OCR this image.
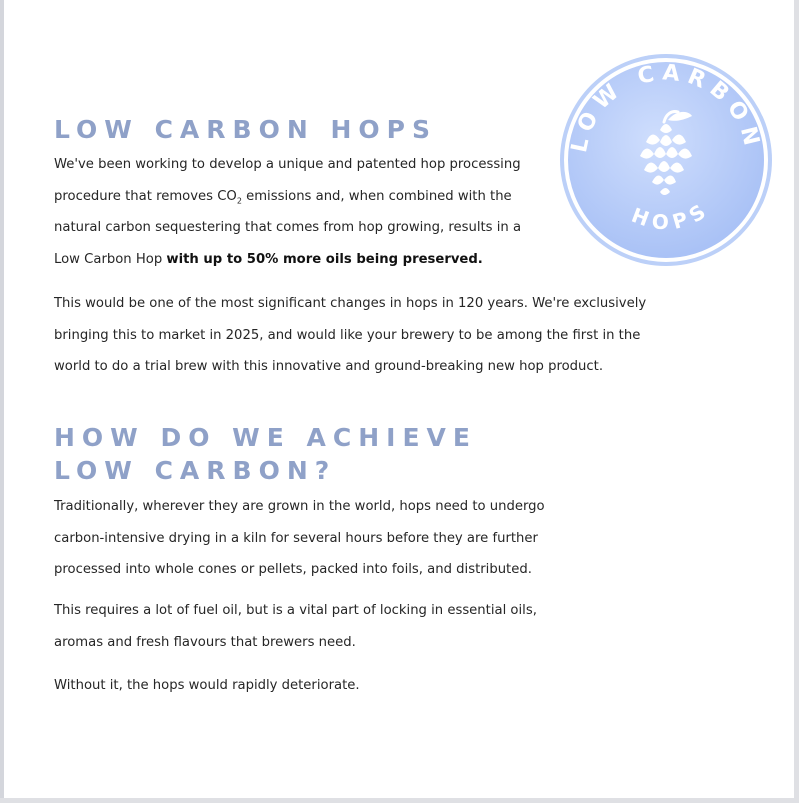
LOW CARBON HOPS

We've been working to develop a unique and patented hop processing procedure that removes $CO_2$ emissions and, when combined with the natural carbon sequestering that comes from hop growing, results in a Low Carbon Hop with up to 50% more oils being preserved.

This would be one of the most significant changes in hops in 120 years. We're exclusively bringing this to market in 2025, and would like your brewery to be among the first in the world to do a trial brew with this innovative and ground-breaking new hop product.

HOW DO WE ACHIEVE
LOW CARBON?

Traditionally, wherever they are grown in the world, hops need to undergo carbon-intensive drying in a kiln for several hours before they are further processed into whole cones or pellets, packed into foils, and distributed.

This requires a lot of fuel oil, but is a vital part of locking in essential oils, aromas and fresh flavours that brewers need.

Without it, the hops would rapidly deteriorate.

LOW CARBON
HOPS
